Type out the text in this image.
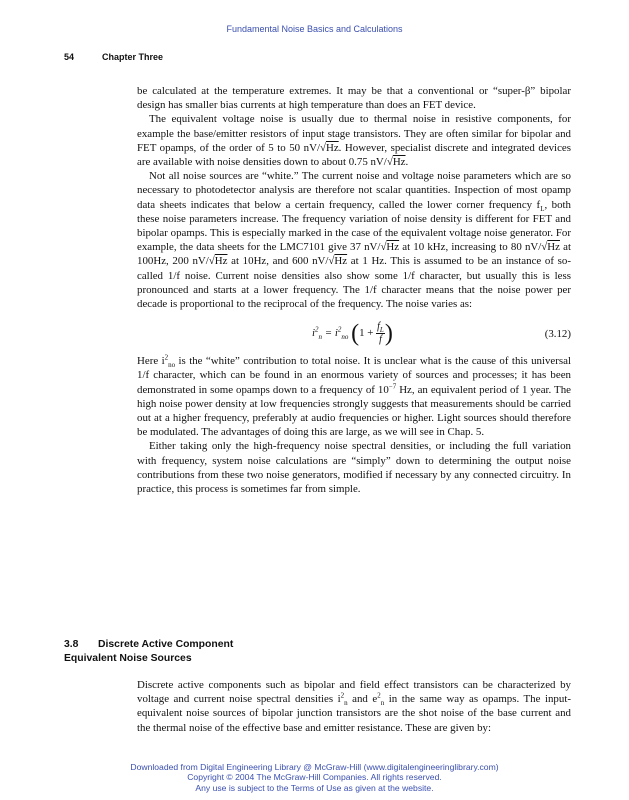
Fundamental Noise Basics and Calculations
54	Chapter Three

be calculated at the temperature extremes. It may be that a conventional or “super-β” bipolar design has smaller bias currents at high temperature than does an FET device.

The equivalent voltage noise is usually due to thermal noise in resistive components, for example the base/emitter resistors of input stage transistors. They are often similar for bipolar and FET opamps, of the order of 5 to 50 nV/√Hz. However, specialist discrete and integrated devices are available with noise densities down to about 0.75 nV/√Hz.

Not all noise sources are “white.” The current noise and voltage noise parameters which are so necessary to photodetector analysis are therefore not scalar quantities. Inspection of most opamp data sheets indicates that below a certain frequency, called the lower corner frequency $f_L$, both these noise parameters increase. The frequency variation of noise density is different for FET and bipolar opamps. This is especially marked in the case of the equivalent voltage noise generator. For example, the data sheets for the LMC7101 give 37 nV/√Hz at 10 kHz, increasing to 80 nV/√Hz at 100Hz, 200 nV/√Hz at 10Hz, and 600 nV/√Hz at 1 Hz. This is assumed to be an instance of so-called 1/f noise. Current noise densities also show some 1/f character, but usually this is less pronounced and starts at a lower frequency. The 1/f character means that the noise power per decade is proportional to the reciprocal of the frequency. The noise varies as:

$i^2_n = i^2_{no}$ ($1 + \frac{f_L}{f}$ )	(3.12)

Here $i^2_{no}$ is the “white” contribution to total noise. It is unclear what is the cause of this universal 1/f character, which can be found in an enormous variety of sources and processes; it has been demonstrated in some opamps down to a frequency of $10^{-7}$ Hz, an equivalent period of 1 year. The high noise power density at low frequencies strongly suggests that measurements should be carried out at a higher frequency, preferably at audio frequencies or higher. Light sources should therefore be modulated. The advantages of doing this are large, as we will see in Chap. 5.

Either taking only the high-frequency noise spectral densities, or including the full variation with frequency, system noise calculations are “simply” down to determining the output noise contributions from these two noise generators, modified if necessary by any connected circuitry. In practice, this process is sometimes far from simple.

3.8 Discrete Active Component
Equivalent Noise Sources

Discrete active components such as bipolar and field effect transistors can be characterized by voltage and current noise spectral densities $i^2_n$ and $e^2_n$ in the same way as opamps. The input-equivalent noise sources of bipolar junction transistors are the shot noise of the base current and the thermal noise of the effective base and emitter resistance. These are given by:

Downloaded from Digital Engineering Library @ McGraw-Hill (www.digitalengineeringlibrary.com)
Copyright © 2004 The McGraw-Hill Companies. All rights reserved.
Any use is subject to the Terms of Use as given at the website.
